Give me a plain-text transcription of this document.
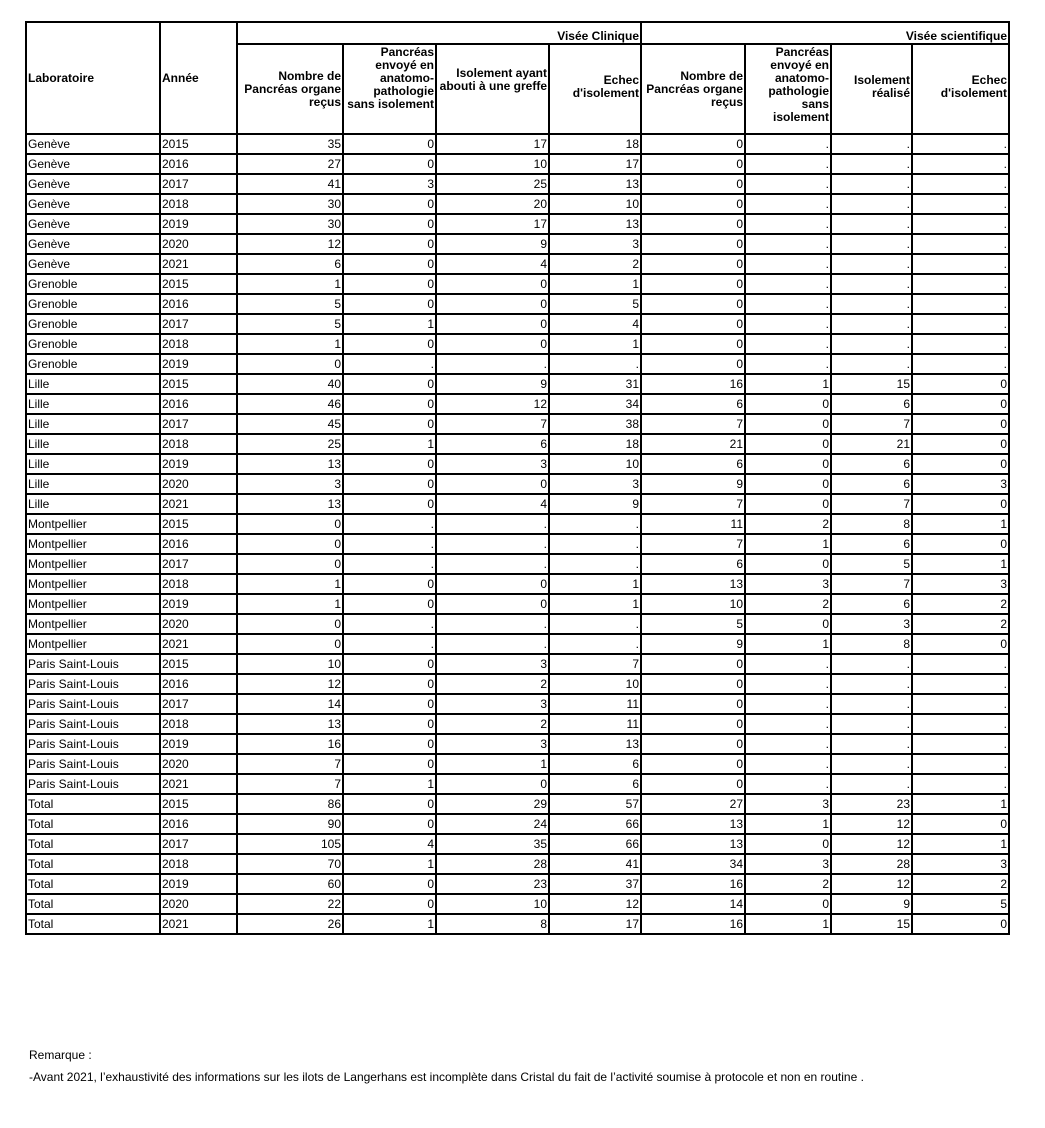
Laboratoire	Année	Visée Clinique				Visée scientifique			
		Nombre de Pancréas organe reçus	Pancréas envoyé en anatomo-pathologie sans isolement	Isolement ayant abouti à une greffe	Echec d'isolement	Nombre de Pancréas organe reçus	Pancréas envoyé en anatomo-pathologie sans isolement	Isolement réalisé	Echec d'isolement
Genève	2015	35	0	17	18	0	.	.	.
Genève	2016	27	0	10	17	0	.	.	.
Genève	2017	41	3	25	13	0	.	.	.
Genève	2018	30	0	20	10	0	.	.	.
Genève	2019	30	0	17	13	0	.	.	.
Genève	2020	12	0	9	3	0	.	.	.
Genève	2021	6	0	4	2	0	.	.	.
Grenoble	2015	1	0	0	1	0	.	.	.
Grenoble	2016	5	0	0	5	0	.	.	.
Grenoble	2017	5	1	0	4	0	.	.	.
Grenoble	2018	1	0	0	1	0	.	.	.
Grenoble	2019	0	.	.	.	0	.	.	.
Lille	2015	40	0	9	31	16	1	15	0
Lille	2016	46	0	12	34	6	0	6	0
Lille	2017	45	0	7	38	7	0	7	0
Lille	2018	25	1	6	18	21	0	21	0
Lille	2019	13	0	3	10	6	0	6	0
Lille	2020	3	0	0	3	9	0	6	3
Lille	2021	13	0	4	9	7	0	7	0
Montpellier	2015	0	.	.	.	11	2	8	1
Montpellier	2016	0	.	.	.	7	1	6	0
Montpellier	2017	0	.	.	.	6	0	5	1
Montpellier	2018	1	0	0	1	13	3	7	3
Montpellier	2019	1	0	0	1	10	2	6	2
Montpellier	2020	0	.	.	.	5	0	3	2
Montpellier	2021	0	.	.	.	9	1	8	0
Paris Saint-Louis	2015	10	0	3	7	0	.	.	.
Paris Saint-Louis	2016	12	0	2	10	0	.	.	.
Paris Saint-Louis	2017	14	0	3	11	0	.	.	.
Paris Saint-Louis	2018	13	0	2	11	0	.	.	.
Paris Saint-Louis	2019	16	0	3	13	0	.	.	.
Paris Saint-Louis	2020	7	0	1	6	0	.	.	.
Paris Saint-Louis	2021	7	1	0	6	0	.	.	.
Total	2015	86	0	29	57	27	3	23	1
Total	2016	90	0	24	66	13	1	12	0
Total	2017	105	4	35	66	13	0	12	1
Total	2018	70	1	28	41	34	3	28	3
Total	2019	60	0	23	37	16	2	12	2
Total	2020	22	0	10	12	14	0	9	5
Total	2021	26	1	8	17	16	1	15	0
Remarque :
-Avant 2021, l’exhaustivité des informations sur les ilots de Langerhans est incomplète dans Cristal du fait de l’activité soumise à protocole et non en routine .
